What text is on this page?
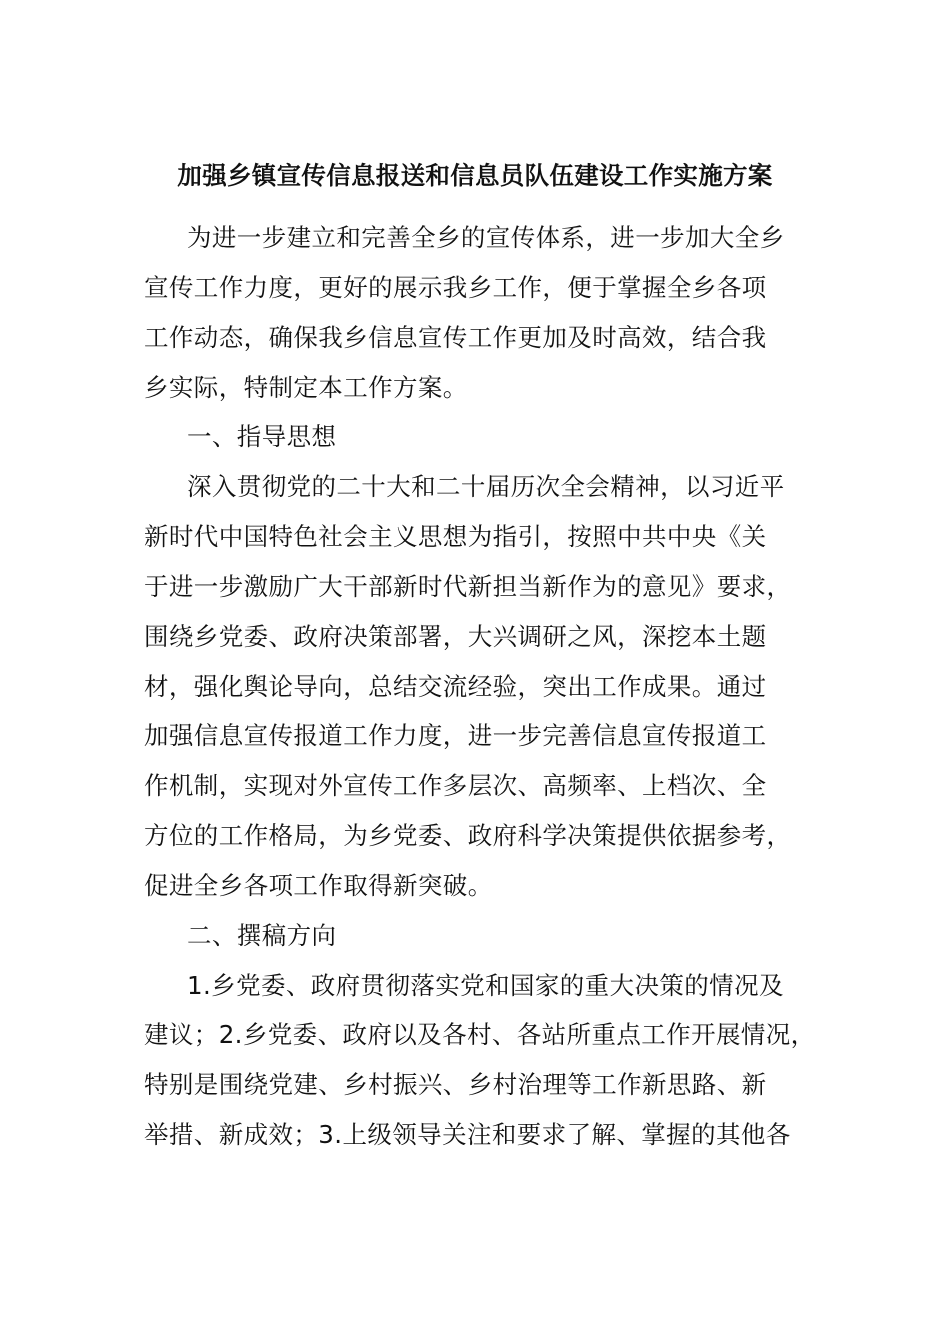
加强乡镇宣传信息报送和信息员队伍建设工作实施方案
为进一步建立和完善全乡的宣传体系，进一步加大全乡
宣传工作力度，更好的展示我乡工作，便于掌握全乡各项
工作动态，确保我乡信息宣传工作更加及时高效，结合我
乡实际，特制定本工作方案。
一、指导思想
深入贯彻党的二十大和二十届历次全会精神，以习近平
新时代中国特色社会主义思想为指引，按照中共中央《关
于进一步激励广大干部新时代新担当新作为的意见》要求，
围绕乡党委、政府决策部署，大兴调研之风，深挖本土题
材，强化舆论导向，总结交流经验，突出工作成果。通过
加强信息宣传报道工作力度，进一步完善信息宣传报道工
作机制，实现对外宣传工作多层次、高频率、上档次、全
方位的工作格局，为乡党委、政府科学决策提供依据参考，
促进全乡各项工作取得新突破。
二、撰稿方向
1.乡党委、政府贯彻落实党和国家的重大决策的情况及
建议；2.乡党委、政府以及各村、各站所重点工作开展情况，
特别是围绕党建、乡村振兴、乡村治理等工作新思路、新
举措、新成效；3.上级领导关注和要求了解、掌握的其他各
